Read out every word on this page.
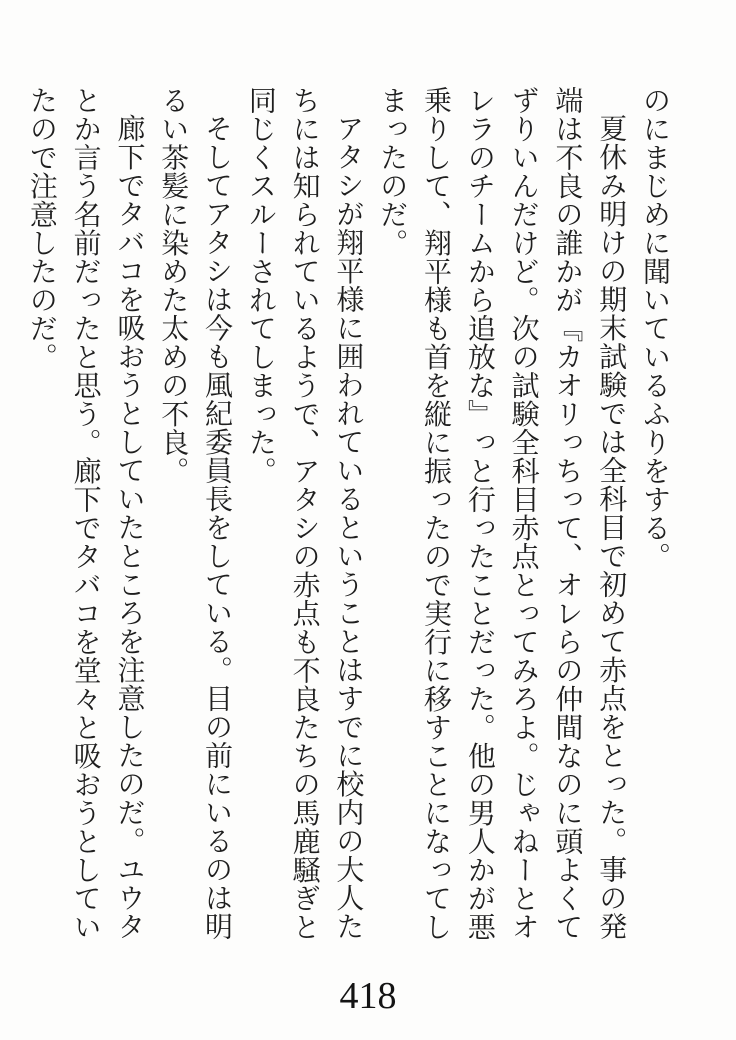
のにまじめに聞いているふりをする。

夏休み明けの期末試験では全科目で初めて赤点をとった。事の発端は不良の誰かが『カオリっちって、オレらの仲間なのに頭よくてずりいんだけど。次の試験全科目赤点とってみろよ。じゃねーとオレラのチームから追放な』っと行ったことだった。他の男人かが悪乗りして、翔平様も首を縦に振ったので実行に移すことになってしまったのだ。

アタシが翔平様に囲われているということはすでに校内の大人たちには知られているようで、アタシの赤点も不良たちの馬鹿騒ぎと同じくスルーされてしまった。

そしてアタシは今も風紀委員長をしている。目の前にいるのは明るい茶髪に染めた太めの不良。

廊下でタバコを吸おうとしていたところを注意したのだ。ユウタとか言う名前だったと思う。廊下でタバコを堂々と吸おうとしていたので注意したのだ。

418
